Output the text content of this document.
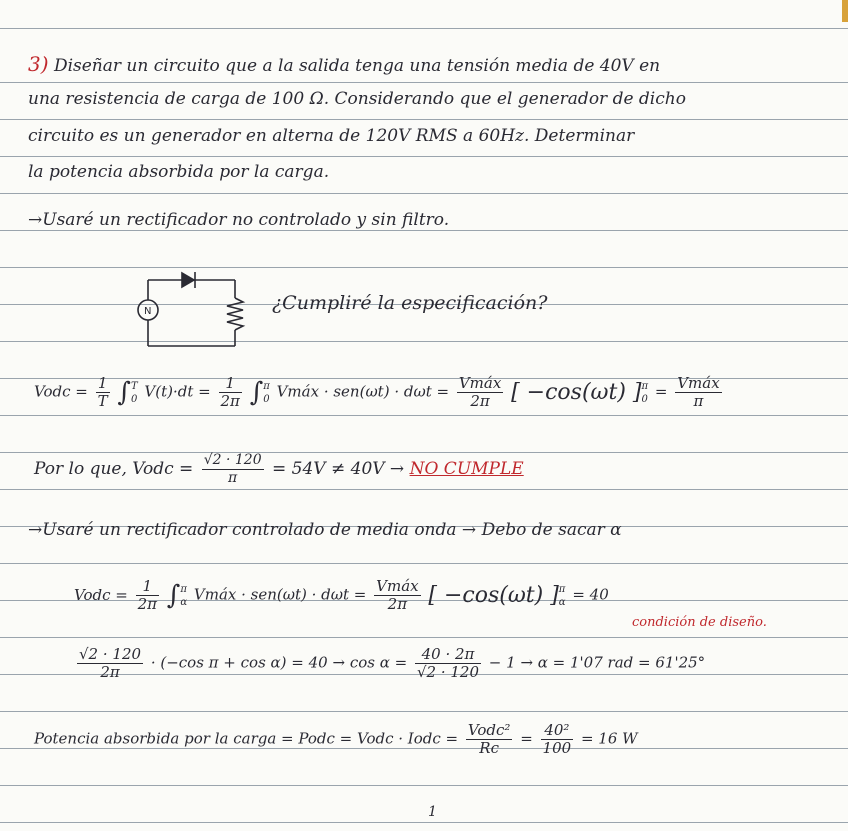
3) Diseñar un circuito que a la salida tenga una tensión media de 40V en
una resistencia de carga de 100 Ω. Considerando que el generador de dicho
circuito es un generador en alterna de 120V RMS a 60Hz. Determinar
la potencia absorbida por la carga.
→Usaré un rectificador no controlado y sin filtro.
N	¿Cumpliré la especificación?
Vodc = $\frac{1}{T}$ ∫ T
0 $V(t)\cdot dt = \frac{1}{2\pi}$ ∫ π
0 Vmáx · $sen(\omega t) \cdot d\omega t = \frac{\text{Vmáx}}{2\pi}$ [ −cos(ωt) ] π
$0 = \frac{\text{Vmáx}}{\pi}$
Por lo que, Vodc = $\frac{√2 \cdot 120}{\pi} = 54V \ne 40V$ → NO CUMPLE
→Usaré un rectificador controlado de media onda → Debo de sacar α
Vodc = $\frac{1}{2\pi}$ ∫ π
α Vmáx · $sen(\omega t) \cdot d\omega t = \frac{\text{Vmáx}}{2\pi}$ [ −cos(ωt) ] π
α = 40
condición de diseño.
$\frac{√2 \cdot 120}{2\pi} \cdot (-\cos$ $\pi + \cos \alpha) = 40 \to \cos \alpha = \frac{40 \cdot 2\pi}{√2 \cdot 120} - 1 \to \alpha = 1'07$ rad = 61'25°
Potencia absorbida por la carga = Podc = Vodc · Iodc = $\frac{\text{Vodc²}}{Rc} = \frac{\text{40²}}{100} = 16$ W
1
